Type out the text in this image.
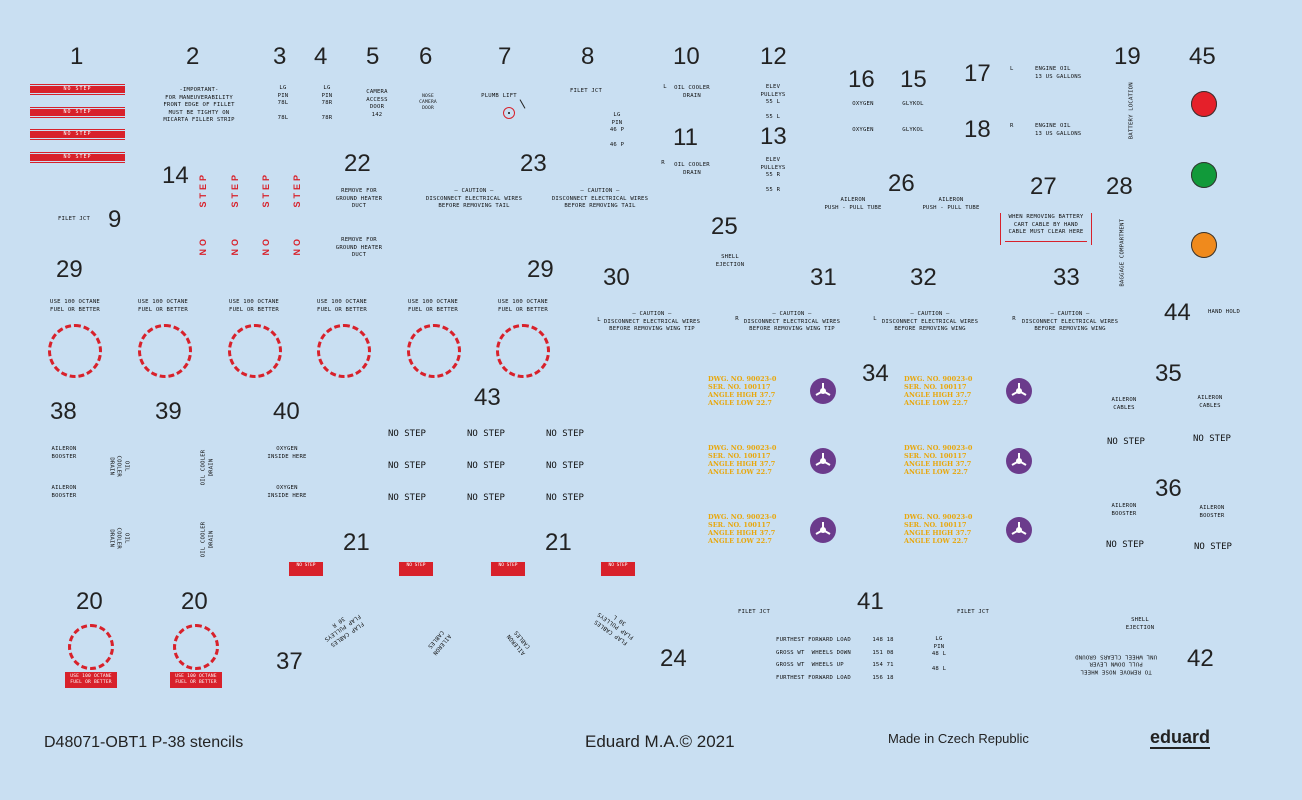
1	2	3 4 5 6	7	8	10	12
16 15 17
19 45
11	13	18
NO STEP
NO STEP
NO STEP
NO STEP
-IMPORTANT-
FOR MANEUVERABILITY
FRONT EDGE OF FILLET
MUST BE TIGHTY ON
MICARTA FILLER STRIP
LG
PIN
78L

78L
LG
PIN
78R

78R
CAMERA
ACCESS
DOOR
142
NOSE
CAMERA
DOOR
PLUMB LIFT
FILET JCT
LG
PIN
46 P

46 P
L	OIL COOLER
DRAIN
R	OIL COOLER
DRAIN
ELEV
PULLEYS
55 L

55 L
ELEV
PULLEYS
55 R

55 R
OXYGEN
OXYGEN
GLYKOL
GLYKOL
L      ENGINE OIL
13 US GALLONS
R      ENGINE OIL
13 US GALLONS	BATTERY LOCATION
14	22	23
9
26	27 28
25
STEP
NO
STEP
NO
STEP
NO
STEP
NO
REMOVE FOR
GROUND HEATER
DUCT
REMOVE FOR
GROUND HEATER
DUCT
— CAUTION —
DISCONNECT ELECTRICAL WIRES
BEFORE REMOVING TAIL
— CAUTION —
DISCONNECT ELECTRICAL WIRES
BEFORE REMOVING TAIL
FILET JCT
AILERON
PUSH - PULL TUBE
AILERON
PUSH - PULL TUBE
WHEN REMOVING BATTERY
CART CABLE BY HAND
CABLE MUST CLEAR HERE	BAGGAGE COMPARTMENT
SHELL
EJECTION
29	29
USE 100 OCTANE
FUEL OR BETTER
USE 100 OCTANE
FUEL OR BETTER
USE 100 OCTANE
FUEL OR BETTER
USE 100 OCTANE
FUEL OR BETTER
USE 100 OCTANE
FUEL OR BETTER
USE 100 OCTANE
FUEL OR BETTER
30	31	32	33
44
L
— CAUTION —
DISCONNECT ELECTRICAL WIRES
BEFORE REMOVING WING TIP
R
— CAUTION —
DISCONNECT ELECTRICAL WIRES
BEFORE REMOVING WING TIP
L
— CAUTION —
DISCONNECT ELECTRICAL WIRES
BEFORE REMOVING WING
R
— CAUTION —
DISCONNECT ELECTRICAL WIRES
BEFORE REMOVING WING
HAND HOLD
34
DWG. NO. 90023-0
SER. NO. 100117
ANGLE HIGH 37.7
ANGLE LOW 22.7
DWG. NO. 90023-0
SER. NO. 100117
ANGLE HIGH 37.7
ANGLE LOW 22.7
DWG. NO. 90023-0
SER. NO. 100117
ANGLE HIGH 37.7
ANGLE LOW 22.7
DWG. NO. 90023-0
SER. NO. 100117
ANGLE HIGH 37.7
ANGLE LOW 22.7
DWG. NO. 90023-0
SER. NO. 100117
ANGLE HIGH 37.7
ANGLE LOW 22.7
DWG. NO. 90023-0
SER. NO. 100117
ANGLE HIGH 37.7
ANGLE LOW 22.7
35
AILERON
CABLES
AILERON
CABLES
NO STEP	NO STEP
36
AILERON
BOOSTER
AILERON
BOOSTER
NO STEP	NO STEP
38	39	40
43
AILERON
BOOSTER
AILERON
BOOSTER
OIL
COOLER
DRAIN
OIL
COOLER
DRAIN
OIL COOLER
DRAIN
OIL COOLER
DRAIN
OXYGEN
INSIDE HERE
OXYGEN
INSIDE HERE
NO STEP	NO STEP	NO STEP
NO STEP	NO STEP	NO STEP
NO STEP	NO STEP	NO STEP
21	21
NO STEP	NO STEP	NO STEP	NO STEP
20	20
USE 100 OCTANE
FUEL OR BETTER
USE 100 OCTANE
FUEL OR BETTER
37	24
FLAP CABLES
FLAP PULLEYS
30 R
AILERON
CABLES	AILERON
CABLES	FLAP CABLES
FLAP PULLEYS
30 L
41
FILET JCT	FILET JCT
FURTHEST FORWARD LOAD      148 18
GROSS WT  WHEELS DOWN      151 08
GROSS WT  WHEELS UP        154 71
FURTHEST FORWARD LOAD      156 18
LG
PIN
48 L

48 L	42
SHELL
EJECTION
TO REMOVE NOSE WHEEL
PULL DOWN LEVER
UNL WHEEL CLEARS GROUND
D48071-OBT1 P-38 stencils	Eduard M.A.© 2021	Made in Czech Republic	eduard
